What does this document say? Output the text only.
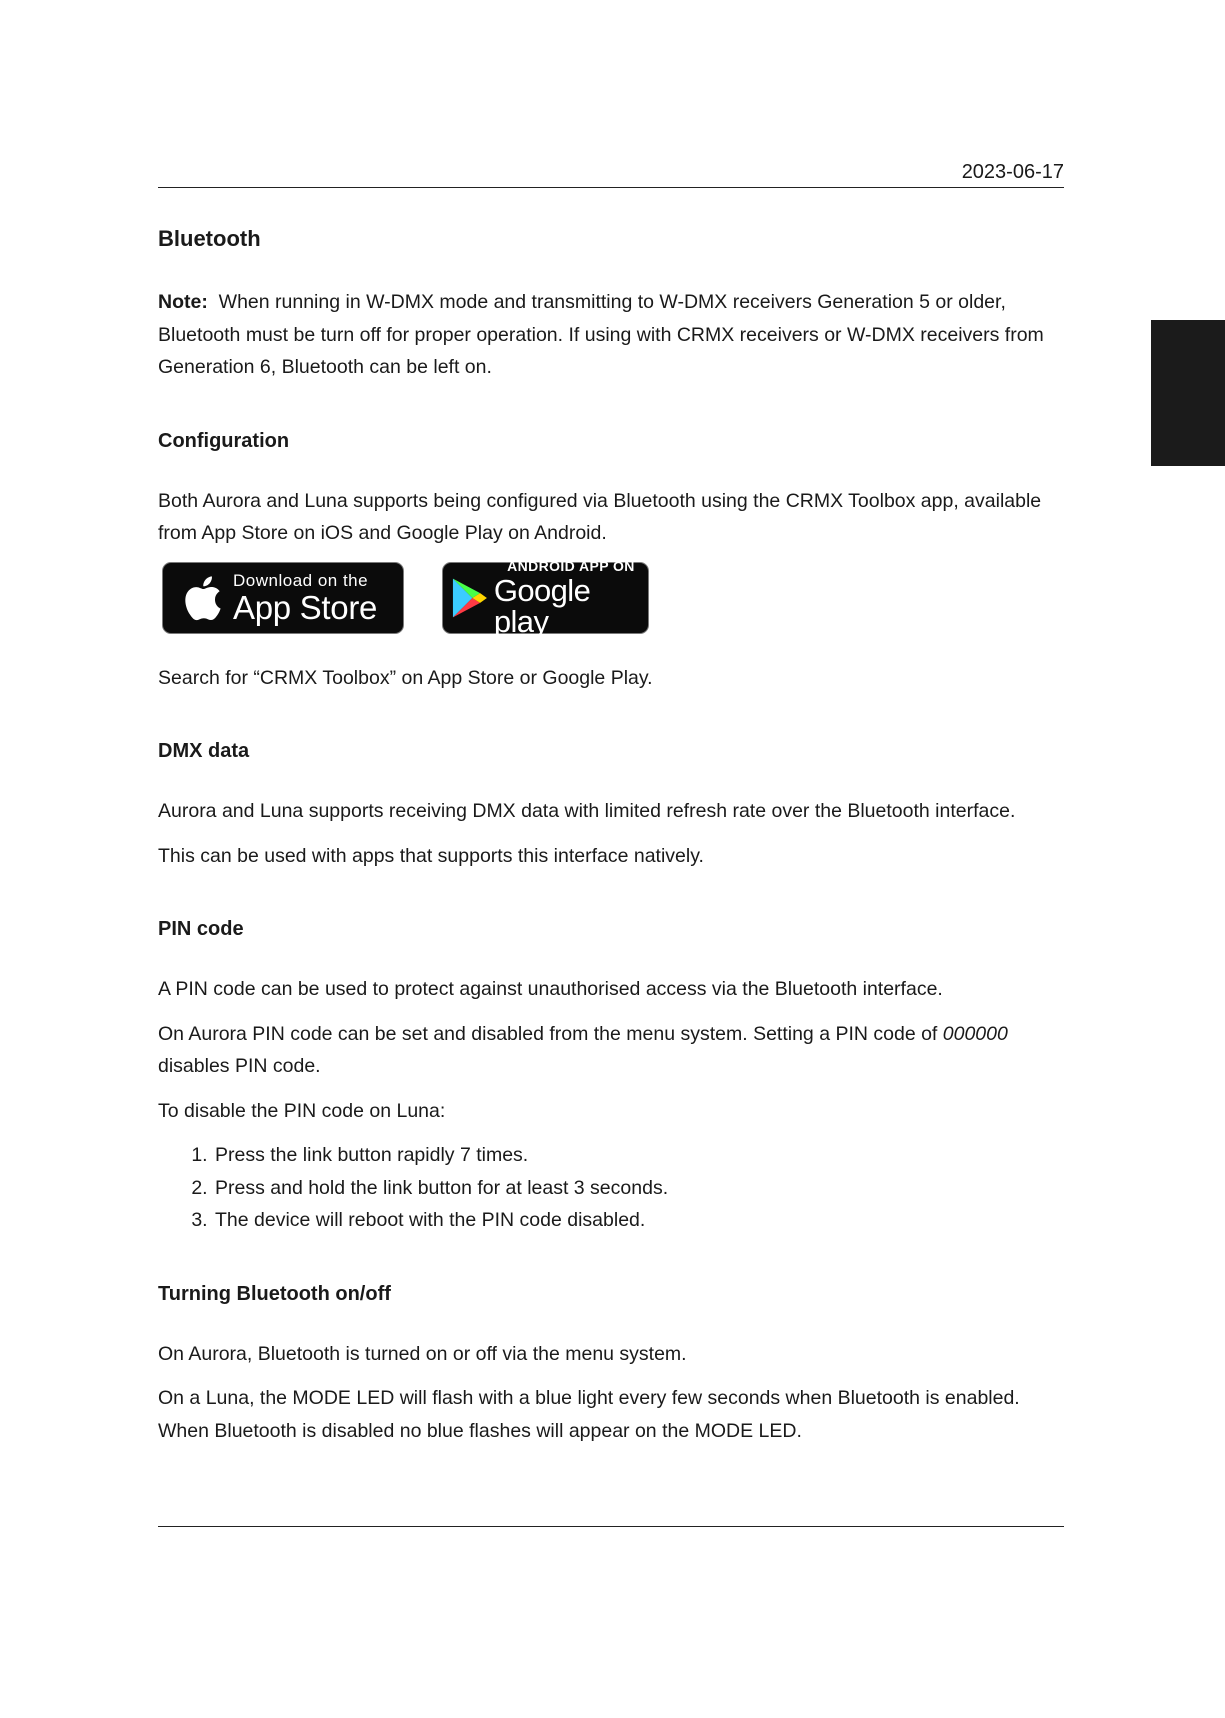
2023-06-17
Bluetooth

Note: When running in W-DMX mode and transmitting to W-DMX receivers Generation 5 or older, Bluetooth must be turn off for proper operation. If using with CRMX receivers or W-DMX receivers from Generation 6, Bluetooth can be left on.

Configuration

Both Aurora and Luna supports being configured via Bluetooth using the CRMX Toolbox app, available from App Store on iOS and Google Play on Android.

Download on the
App Store
ANDROID APP ON
Google play

Search for “CRMX Toolbox” on App Store or Google Play.

DMX data

Aurora and Luna supports receiving DMX data with limited refresh rate over the Bluetooth interface.

This can be used with apps that supports this interface natively.

PIN code

A PIN code can be used to protect against unauthorised access via the Bluetooth interface.

On Aurora PIN code can be set and disabled from the menu system. Setting a PIN code of 000000 disables PIN code.

To disable the PIN code on Luna:

1. Press the link button rapidly 7 times.
2. Press and hold the link button for at least 3 seconds.
3. The device will reboot with the PIN code disabled.
Turning Bluetooth on/off

On Aurora, Bluetooth is turned on or off via the menu system.

On a Luna, the MODE LED will flash with a blue light every few seconds when Bluetooth is enabled. When Bluetooth is disabled no blue flashes will appear on the MODE LED.
